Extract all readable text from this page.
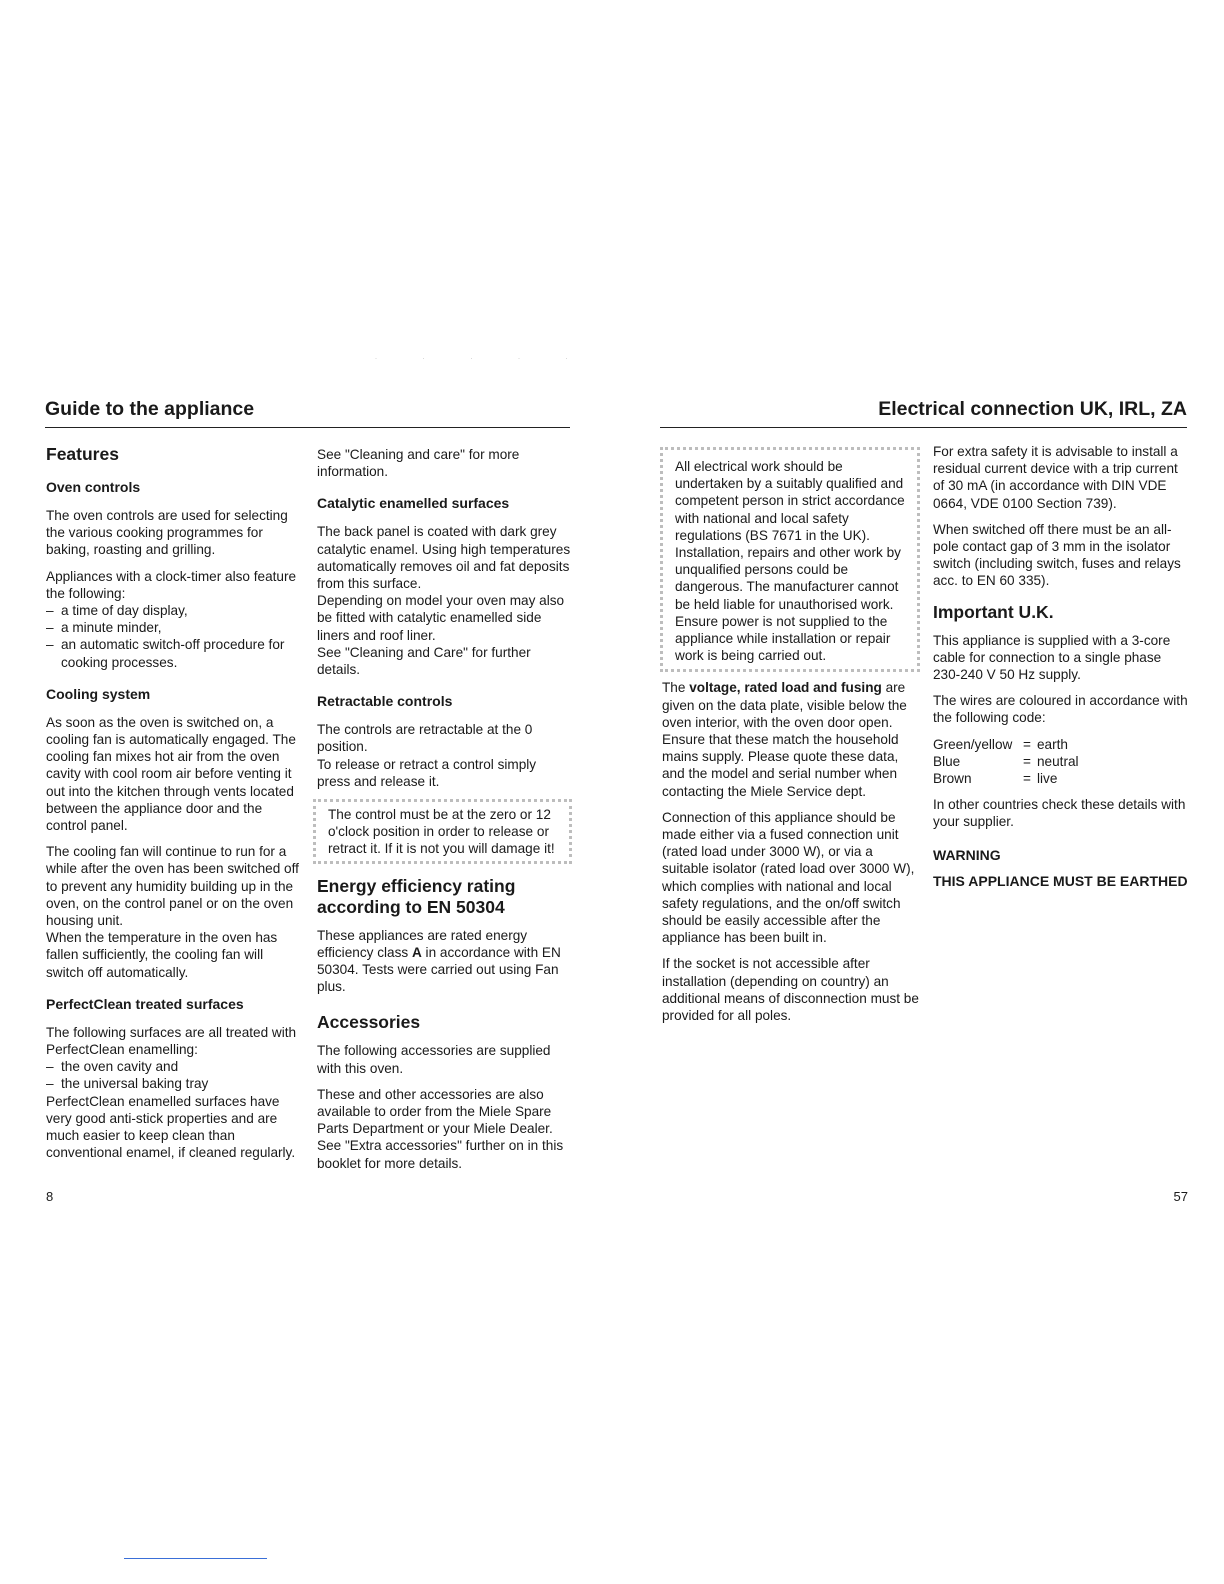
· · · · ·
Guide to the appliance
Features
Oven controls

The oven controls are used for selecting the various cooking programmes for baking, roasting and grilling.

Appliances with a clock-timer also feature the following:

– a time of day display,
– a minute minder,
– an automatic switch-off procedure for cooking processes.
Cooling system

As soon as the oven is switched on, a cooling fan is automatically engaged. The cooling fan mixes hot air from the oven cavity with cool room air before venting it out into the kitchen through vents located between the appliance door and the control panel.

The cooling fan will continue to run for a while after the oven has been switched off to prevent any humidity building up in the oven, on the control panel or on the oven housing unit.

When the temperature in the oven has fallen sufficiently, the cooling fan will switch off automatically.

PerfectClean treated surfaces

The following surfaces are all treated with PerfectClean enamelling:

– the oven cavity and
– the universal baking tray

PerfectClean enamelled surfaces have very good anti-stick properties and are much easier to keep clean than conventional enamel, if cleaned regularly.

See "Cleaning and care" for more information.

Catalytic enamelled surfaces

The back panel is coated with dark grey catalytic enamel. Using high temperatures automatically removes oil and fat deposits from this surface.

Depending on model your oven may also be fitted with catalytic enamelled side liners and roof liner.

See "Cleaning and Care" for further details.

Retractable controls

The controls are retractable at the 0 position.

To release or retract a control simply press and release it.

The control must be at the zero or 12 o'clock position in order to release or retract it. If it is not you will damage it!

Energy efficiency rating according to EN 50304

These appliances are rated energy efficiency class A in accordance with EN 50304. Tests were carried out using Fan plus.

Accessories

The following accessories are supplied with this oven.

These and other accessories are also available to order from the Miele Spare Parts Department or your Miele Dealer. See "Extra accessories" further on in this booklet for more details.

8
Electrical connection UK, IRL, ZA

All electrical work should be undertaken by a suitably qualified and competent person in strict accordance with national and local safety regulations (BS 7671 in the UK).

Installation, repairs and other work by unqualified persons could be dangerous. The manufacturer cannot be held liable for unauthorised work.

Ensure power is not supplied to the appliance while installation or repair work is being carried out.

The voltage, rated load and fusing are given on the data plate, visible below the oven interior, with the oven door open. Ensure that these match the household mains supply. Please quote these data, and the model and serial number when contacting the Miele Service dept.

Connection of this appliance should be made either via a fused connection unit (rated load under 3000 W), or via a suitable isolator (rated load over 3000 W), which complies with national and local safety regulations, and the on/off switch should be easily accessible after the appliance has been built in.

If the socket is not accessible after installation (depending on country) an additional means of disconnection must be provided for all poles.

For extra safety it is advisable to install a residual current device with a trip current of 30 mA (in accordance with DIN VDE 0664, VDE 0100 Section 739).

When switched off there must be an all-pole contact gap of 3 mm in the isolator switch (including switch, fuses and relays acc. to EN 60 335).

Important U.K.

This appliance is supplied with a 3-core cable for connection to a single phase 230-240 V 50 Hz supply.

The wires are coloured in accordance with the following code:

Green/yellow	=	earth
Blue	=	neutral
Brown	=	live

In other countries check these details with your supplier.

WARNING

THIS APPLIANCE MUST BE EARTHED

57
